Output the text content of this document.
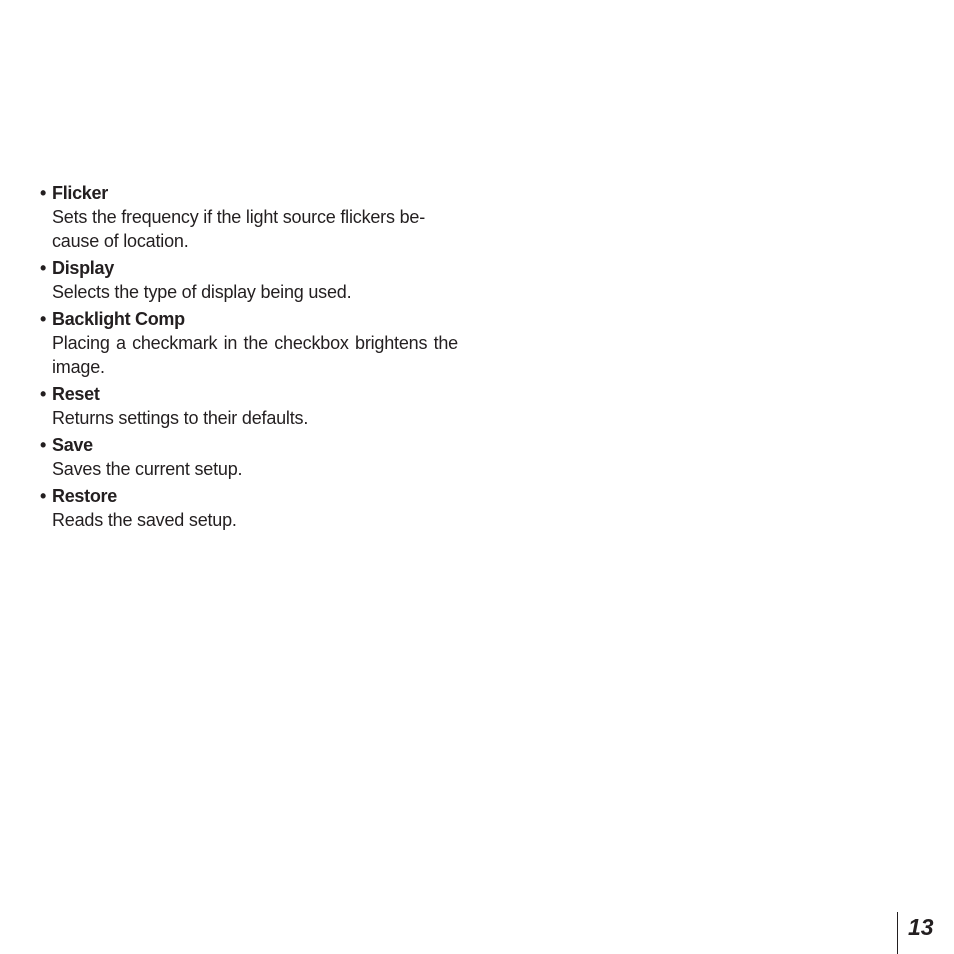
• Flicker
Sets the frequency if the light source flickers be-
cause of location.
• Display
Selects the type of display being used.
• Backlight Comp
Placing a checkmark in the checkbox brightens the image.
• Reset
Returns settings to their defaults.
• Save
Saves the current setup.
• Restore
Reads the saved setup.
13
